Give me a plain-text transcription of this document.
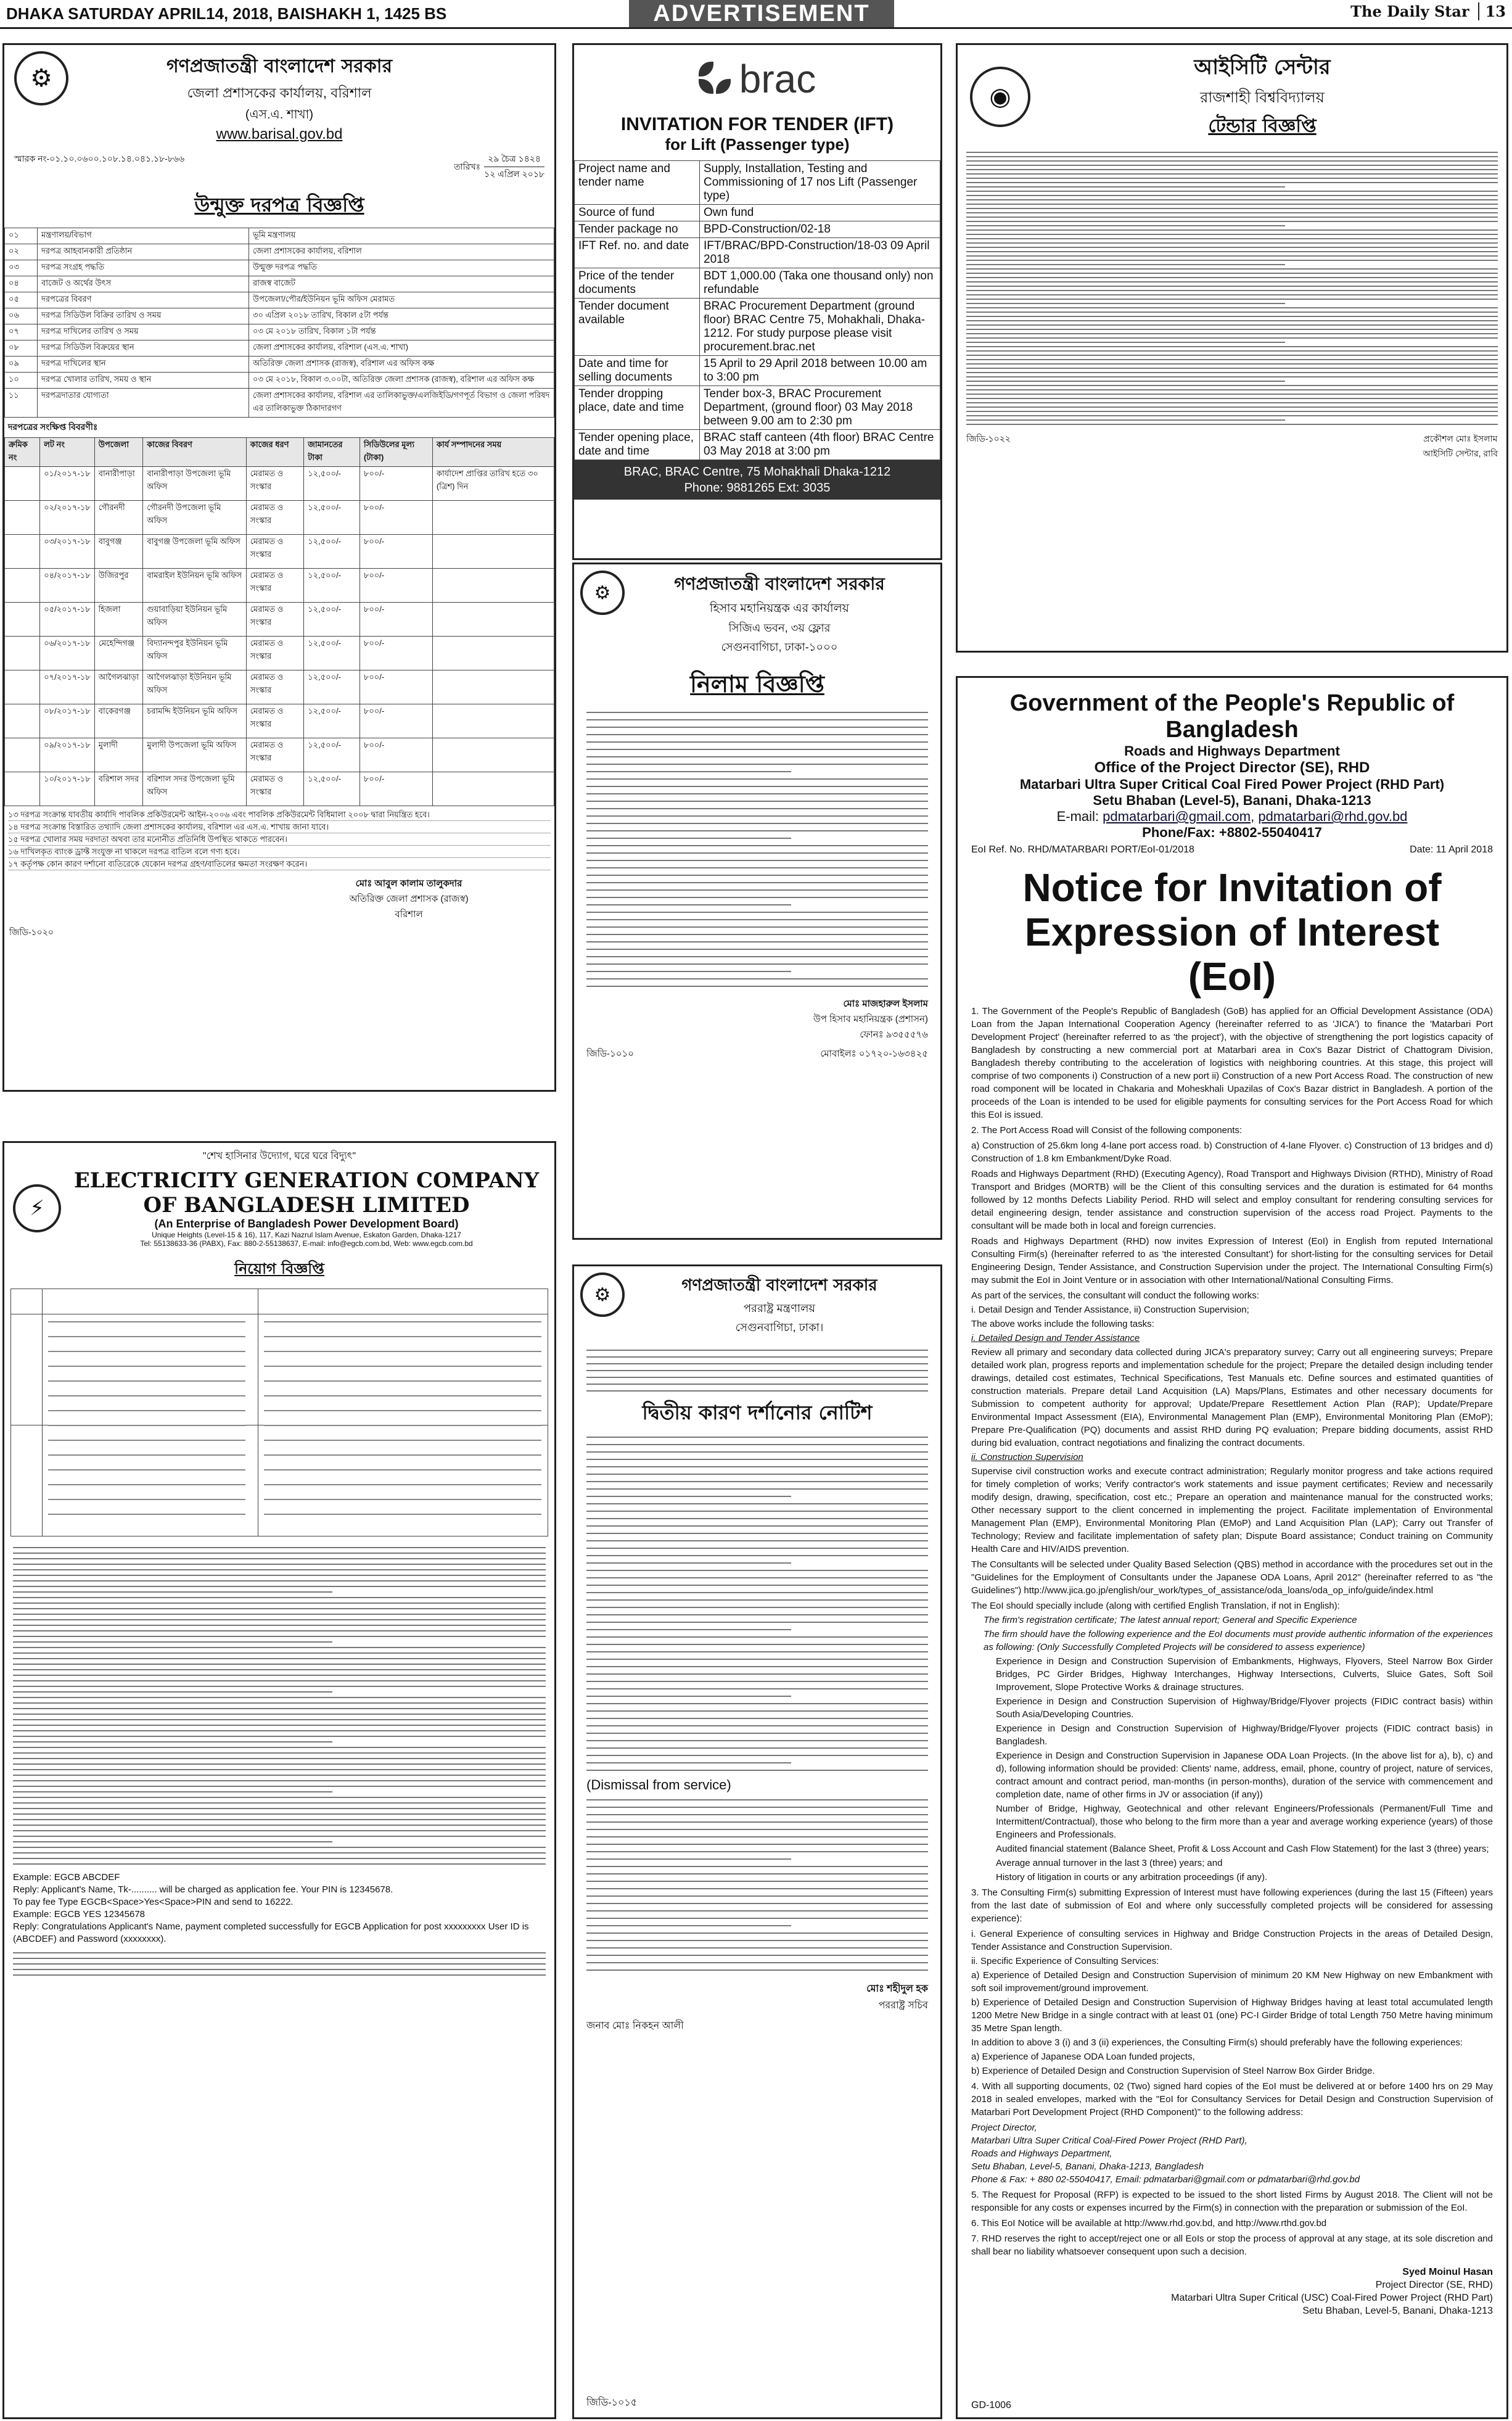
DHAKA SATURDAY APRIL14, 2018, BAISHAKH 1, 1425 BS	ADVERTISEMENT	The Daily Star	13
⚙	গণপ্রজাতন্ত্রী বাংলাদেশ সরকার
জেলা প্রশাসকের কার্যালয়, বরিশাল
(এস.এ. শাখা)
www.barisal.gov.bd
স্মারক নং-০১.১০.০৬০০.১০৮.১৪.০৪১.১৮-৮৬৬
তারিখঃ
২৯ চৈত্র ১৪২৪
১২ এপ্রিল ২০১৮
উন্মুক্ত দরপত্র বিজ্ঞপ্তি
০১	মন্ত্রণালয়/বিভাগ	ভূমি মন্ত্রণালয়
০২	দরপত্র আহবানকারী প্রতিষ্ঠান	জেলা প্রশাসকের কার্যালয়, বরিশাল
০৩	দরপত্র সংগ্রহ পদ্ধতি	উন্মুক্ত দরপত্র পদ্ধতি
০৪	বাজেট ও অর্থের উৎস	রাজস্ব বাজেট
০৫	দরপত্রের বিবরণ	উপজেলা/পৌর/ইউনিয়ন ভূমি অফিস মেরামত
০৬	দরপত্র সিডিউল বিক্রির তারিখ ও সময়	৩০ এপ্রিল ২০১৮ তারিখ, বিকাল ৫টা পর্যন্ত
০৭	দরপত্র দাখিলের তারিখ ও সময়	০৩ মে ২০১৮ তারিখ, বিকাল ১টা পর্যন্ত
০৮	দরপত্র সিডিউল বিক্রয়ের স্থান	জেলা প্রশাসকের কার্যালয়, বরিশাল (এস.এ. শাখা)
০৯	দরপত্র দাখিলের স্থান	অতিরিক্ত জেলা প্রশাসক (রাজস্ব), বরিশাল এর অফিস কক্ষ
১০	দরপত্র খোলার তারিখ, সময় ও স্থান	০৩ মে ২০১৮, বিকাল ৩.০০টা, অতিরিক্ত জেলা প্রশাসক (রাজস্ব), বরিশাল এর অফিস কক্ষ
১১	দরপত্রদাতার যোগ্যতা	জেলা প্রশাসকের কার্যালয়, বরিশাল এর তালিকাভুক্ত/এলজিইডি/গণপূর্ত বিভাগ ও জেলা পরিষদ এর তালিকাভুক্ত ঠিকাদারগণ
দরপত্রের সংক্ষিপ্ত বিবরণীঃ
ক্রমিক নং	লট নং	উপজেলা	কাজের বিবরণ	কাজের ধরণ	জামানতের টাকা	সিডিউলের মূল্য (টাকা)	কার্য সম্পাদনের সময়
	০১/২০১৭-১৮	বানারীপাড়া	বানারীপাড়া উপজেলা ভূমি অফিস	মেরামত ও সংস্কার	১২,৫০০/-	৮০০/-	কার্যাদেশ প্রাপ্তির তারিখ হতে ৩০ (ত্রিশ) দিন
	০২/২০১৭-১৮	গৌরনদী	গৌরনদী উপজেলা ভূমি অফিস	মেরামত ও সংস্কার	১২,৫০০/-	৮০০/-	
	০৩/২০১৭-১৮	বাবুগঞ্জ	বাবুগঞ্জ উপজেলা ভূমি অফিস	মেরামত ও সংস্কার	১২,৫০০/-	৮০০/-	
	০৪/২০১৭-১৮	উজিরপুর	বামরাইল ইউনিয়ন ভূমি অফিস	মেরামত ও সংস্কার	১২,৫০০/-	৮০০/-	
	০৫/২০১৭-১৮	হিজলা	গুয়াবাড়িয়া ইউনিয়ন ভূমি অফিস	মেরামত ও সংস্কার	১২,৫০০/-	৮০০/-	
	০৬/২০১৭-১৮	মেহেন্দিগঞ্জ	বিদ্যানন্দপুর ইউনিয়ন ভূমি অফিস	মেরামত ও সংস্কার	১২,৫০০/-	৮০০/-	
	০৭/২০১৭-১৮	আগৈলঝাড়া	আগৈলঝাড়া ইউনিয়ন ভূমি অফিস	মেরামত ও সংস্কার	১২,৫০০/-	৮০০/-	
	০৮/২০১৭-১৮	বাকেরগঞ্জ	চরামদ্দি ইউনিয়ন ভূমি অফিস	মেরামত ও সংস্কার	১২,৫০০/-	৮০০/-	
	০৯/২০১৭-১৮	মুলাদী	মুলাদী উপজেলা ভূমি অফিস	মেরামত ও সংস্কার	১২,৫০০/-	৮০০/-	
	১০/২০১৭-১৮	বরিশাল সদর	বরিশাল সদর উপজেলা ভূমি অফিস	মেরামত ও সংস্কার	১২,৫০০/-	৮০০/-	
১৩ দরপত্র সংক্রান্ত যাবতীয় কার্যাদি পাবলিক প্রকিউরমেন্ট আইন-২০০৬ এবং পাবলিক প্রকিউরমেন্ট বিধিমালা ২০০৮ দ্বারা নিয়ন্ত্রিত হবে।
১৪ দরপত্র সংক্রান্ত বিস্তারিত তথ্যাদি জেলা প্রশাসকের কার্যালয়, বরিশাল এর এস.এ. শাখায় জানা যাবে।
১৫ দরপত্র খোলার সময় দরদাতা অথবা তার মনোনীত প্রতিনিধি উপস্থিত থাকতে পারবেন।
১৬ দাখিলকৃত ব্যাংক ড্রাফ্ট সংযুক্ত না থাকলে দরপত্র বাতিল বলে গণ্য হবে।
১৭ কর্তৃপক্ষ কোন কারণ দর্শানো ব্যতিরেকে যেকোন দরপত্র গ্রহণ/বাতিলের ক্ষমতা সংরক্ষণ করেন।
মোঃ আবুল কালাম তালুকদার
অতিরিক্ত জেলা প্রশাসক (রাজস্ব)
বরিশাল
জিডি-১০২০
brac
INVITATION FOR TENDER (IFT)
for Lift (Passenger type)
Project name and tender name	Supply, Installation, Testing and Commissioning of 17 nos Lift (Passenger type)
Source of fund	Own fund
Tender package no	BPD-Construction/02-18
IFT Ref. no. and date	IFT/BRAC/BPD-Construction/18-03 09 April 2018
Price of the tender documents	BDT 1,000.00 (Taka one thousand only) non refundable
Tender document available	BRAC Procurement Department (ground floor) BRAC Centre 75, Mohakhali, Dhaka-1212. For study purpose please visit procurement.brac.net
Date and time for selling documents	15 April to 29 April 2018 between 10.00 am to 3:00 pm
Tender dropping place, date and time	Tender box-3, BRAC Procurement Department, (ground floor) 03 May 2018 between 9.00 am to 2:30 pm
Tender opening place, date and time	BRAC staff canteen (4th floor) BRAC Centre 03 May 2018 at 3:00 pm
BRAC, BRAC Centre, 75 Mohakhali Dhaka-1212
Phone: 9881265 Ext: 3035
◉
আইসিটি সেন্টার
রাজশাহী বিশ্ববিদ্যালয়
টেন্ডার বিজ্ঞপ্তি
জিডি-১০২২	প্রকৌশল মোঃ ইসলাম
আইসিটি সেন্টার, রাবি
⚙	গণপ্রজাতন্ত্রী বাংলাদেশ সরকার
হিসাব মহানিয়ন্ত্রক এর কার্যালয়
সিজিএ ভবন, ৩য় ফ্লোর
সেগুনবাগিচা, ঢাকা-১০০০
নিলাম বিজ্ঞপ্তি
মোঃ মাজহারুল ইসলাম
উপ হিসাব মহানিয়ন্ত্রক (প্রশাসন)
ফোনঃ ৯৩৫৫৫৭৬
জিডি-১০১০	মোবাইলঃ ০১৭২০-১৬৩৪২৫
Government of the People's Republic of Bangladesh
Roads and Highways Department
Office of the Project Director (SE), RHD
Matarbari Ultra Super Critical Coal Fired Power Project (RHD Part)
Setu Bhaban (Level-5), Banani, Dhaka-1213
E-mail: pdmatarbari@gmail.com, pdmatarbari@rhd.gov.bd
Phone/Fax: +8802-55040417
EoI Ref. No. RHD/MATARBARI PORT/EoI-01/2018	Date: 11 April 2018
Notice for Invitation of Expression of Interest (EoI)

1. The Government of the People's Republic of Bangladesh (GoB) has applied for an Official Development Assistance (ODA) Loan from the Japan International Cooperation Agency (hereinafter referred to as 'JICA') to finance the 'Matarbari Port Development Project' (hereinafter referred to as 'the project'), with the objective of strengthening the port logistics capacity of Bangladesh by constructing a new commercial port at Matarbari area in Cox's Bazar District of Chattogram Division, Bangladesh thereby contributing to the acceleration of logistics with neighboring countries. At this stage, this project will comprise of two components i) Construction of a new port ii) Construction of a new Port Access Road. The construction of new road component will be located in Chakaria and Moheskhali Upazilas of Cox's Bazar district in Bangladesh. A portion of the proceeds of the Loan is intended to be used for eligible payments for consulting services for the Port Access Road for which this EoI is issued.

2. The Port Access Road will Consist of the following components:

a) Construction of 25.6km long 4-lane port access road. b) Construction of 4-lane Flyover. c) Construction of 13 bridges and d) Construction of 1.8 km Embankment/Dyke Road.

Roads and Highways Department (RHD) (Executing Agency), Road Transport and Highways Division (RTHD), Ministry of Road Transport and Bridges (MORTB) will be the Client of this consulting services and the duration is estimated for 64 months followed by 12 months Defects Liability Period. RHD will select and employ consultant for rendering consulting services for detail engineering design, tender assistance and construction supervision of the access road Project. Payments to the consultant will be made both in local and foreign currencies.

Roads and Highways Department (RHD) now invites Expression of Interest (EoI) in English from reputed International Consulting Firm(s) (hereinafter referred to as 'the interested Consultant') for short-listing for the consulting services for Detail Engineering Design, Tender Assistance, and Construction Supervision under the project. The International Consulting Firm(s) may submit the EoI in Joint Venture or in association with other International/National Consulting Firms.

As part of the services, the consultant will conduct the following works:

i. Detail Design and Tender Assistance, ii) Construction Supervision;

The above works include the following tasks:

i. Detailed Design and Tender Assistance

Review all primary and secondary data collected during JICA's preparatory survey; Carry out all engineering surveys; Prepare detailed work plan, progress reports and implementation schedule for the project; Prepare the detailed design including tender drawings, detailed cost estimates, Technical Specifications, Test Manuals etc. Define sources and estimated quantities of construction materials. Prepare detail Land Acquisition (LA) Maps/Plans, Estimates and other necessary documents for Submission to competent authority for approval; Update/Prepare Resettlement Action Plan (RAP); Update/Prepare Environmental Impact Assessment (EIA), Environmental Management Plan (EMP), Environmental Monitoring Plan (EMoP); Prepare Pre-Qualification (PQ) documents and assist RHD during PQ evaluation; Prepare bidding documents, assist RHD during bid evaluation, contract negotiations and finalizing the contract documents.

ii. Construction Supervision

Supervise civil construction works and execute contract administration; Regularly monitor progress and take actions required for timely completion of works; Verify contractor's work statements and issue payment certificates; Review and necessarily modify design, drawing, specification, cost etc.; Prepare an operation and maintenance manual for the constructed works; Other necessary support to the client concerned in implementing the project. Facilitate implementation of Environmental Management Plan (EMP), Environmental Monitoring Plan (EMoP) and Land Acquisition Plan (LAP); Carry out Transfer of Technology; Review and facilitate implementation of safety plan; Dispute Board assistance; Conduct training on Community Health Care and HIV/AIDS prevention.

The Consultants will be selected under Quality Based Selection (QBS) method in accordance with the procedures set out in the "Guidelines for the Employment of Consultants under the Japanese ODA Loans, April 2012" (hereinafter referred to as "the Guidelines") http://www.jica.go.jp/english/our_work/types_of_assistance/oda_loans/oda_op_info/guide/index.html

The EoI should specially include (along with certified English Translation, if not in English):

The firm's registration certificate; The latest annual report; General and Specific Experience

The firm should have the following experience and the EoI documents must provide authentic information of the experiences as following: (Only Successfully Completed Projects will be considered to assess experience)

Experience in Design and Construction Supervision of Embankments, Highways, Flyovers, Steel Narrow Box Girder Bridges, PC Girder Bridges, Highway Interchanges, Highway Intersections, Culverts, Sluice Gates, Soft Soil Improvement, Slope Protective Works & drainage structures.

Experience in Design and Construction Supervision of Highway/Bridge/Flyover projects (FIDIC contract basis) within South Asia/Developing Countries.

Experience in Design and Construction Supervision of Highway/Bridge/Flyover projects (FIDIC contract basis) in Bangladesh.

Experience in Design and Construction Supervision in Japanese ODA Loan Projects. (In the above list for a), b), c) and d), following information should be provided: Clients' name, address, email, phone, country of project, nature of services, contract amount and contract period, man-months (in person-months), duration of the service with commencement and completion date, name of other firms in JV or association (if any))

Number of Bridge, Highway, Geotechnical and other relevant Engineers/Professionals (Permanent/Full Time and Intermittent/Contractual), those who belong to the firm more than a year and average working experience (years) of those Engineers and Professionals.

Audited financial statement (Balance Sheet, Profit & Loss Account and Cash Flow Statement) for the last 3 (three) years;

Average annual turnover in the last 3 (three) years; and

History of litigation in courts or any arbitration proceedings (if any).

3. The Consulting Firm(s) submitting Expression of Interest must have following experiences (during the last 15 (Fifteen) years from the last date of submission of EoI and where only successfully completed projects will be considered for assessing experience):

i. General Experience of consulting services in Highway and Bridge Construction Projects in the areas of Detailed Design, Tender Assistance and Construction Supervision.

ii. Specific Experience of Consulting Services:

a) Experience of Detailed Design and Construction Supervision of minimum 20 KM New Highway on new Embankment with soft soil improvement/ground improvement.

b) Experience of Detailed Design and Construction Supervision of Highway Bridges having at least total accumulated length 1200 Metre New Bridge in a single contract with at least 01 (one) PC-I Girder Bridge of total Length 750 Metre having minimum 35 Metre Span length.

In addition to above 3 (i) and 3 (ii) experiences, the Consulting Firm(s) should preferably have the following experiences:

a) Experience of Japanese ODA Loan funded projects,

b) Experience of Detailed Design and Construction Supervision of Steel Narrow Box Girder Bridge.

4. With all supporting documents, 02 (Two) signed hard copies of the EoI must be delivered at or before 1400 hrs on 29 May 2018 in sealed envelopes, marked with the "EoI for Consultancy Services for Detail Design and Construction Supervision of Matarbari Port Development Project (RHD Component)" to the following address:

Project Director,
Matarbari Ultra Super Critical Coal-Fired Power Project (RHD Part),
Roads and Highways Department,
Setu Bhaban, Level-5, Banani, Dhaka-1213, Bangladesh
Phone & Fax: + 880 02-55040417, Email: pdmatarbari@gmail.com or pdmatarbari@rhd.gov.bd

5. The Request for Proposal (RFP) is expected to be issued to the short listed Firms by August 2018. The Client will not be responsible for any costs or expenses incurred by the Firm(s) in connection with the preparation or submission of the EoI.

6. This EoI Notice will be available at http://www.rhd.gov.bd, and http://www.rthd.gov.bd

7. RHD reserves the right to accept/reject one or all EoIs or stop the process of approval at any stage, at its sole discretion and shall bear no liability whatsoever consequent upon such a decision.

Syed Moinul Hasan
Project Director (SE, RHD)
Matarbari Ultra Super Critical (USC) Coal-Fired Power Project (RHD Part)
Setu Bhaban, Level-5, Banani, Dhaka-1213
GD-1006
"শেখ হাসিনার উদ্যোগ, ঘরে ঘরে বিদ্যুৎ"
⚡
ELECTRICITY GENERATION COMPANY OF BANGLADESH LIMITED
(An Enterprise of Bangladesh Power Development Board)
Unique Heights (Level-15 & 16), 117, Kazi Nazrul Islam Avenue, Eskaton Garden, Dhaka-1217
Tel: 55138633-36 (PABX), Fax: 880-2-55138637, E-mail: info@egcb.com.bd, Web: www.egcb.com.bd
নিয়োগ বিজ্ঞপ্তি
Example: EGCB ABCDEF
Reply: Applicant's Name, Tk-.......... will be charged as application fee. Your PIN is 12345678.
To pay fee Type EGCB<Space>Yes<Space>PIN and send to 16222.
Example: EGCB YES 12345678
Reply: Congratulations Applicant's Name, payment completed successfully for EGCB Application for post xxxxxxxxx User ID is (ABCDEF) and Password (xxxxxxxx).
⚙	গণপ্রজাতন্ত্রী বাংলাদেশ সরকার
পররাষ্ট্র মন্ত্রণালয়
সেগুনবাগিচা, ঢাকা।
দ্বিতীয় কারণ দর্শানোর নোটিশ
(Dismissal from service)
মোঃ শহীদুল হক
পররাষ্ট্র সচিব
জনাব মোঃ নিকহন আলী
জিডি-১০১৫
